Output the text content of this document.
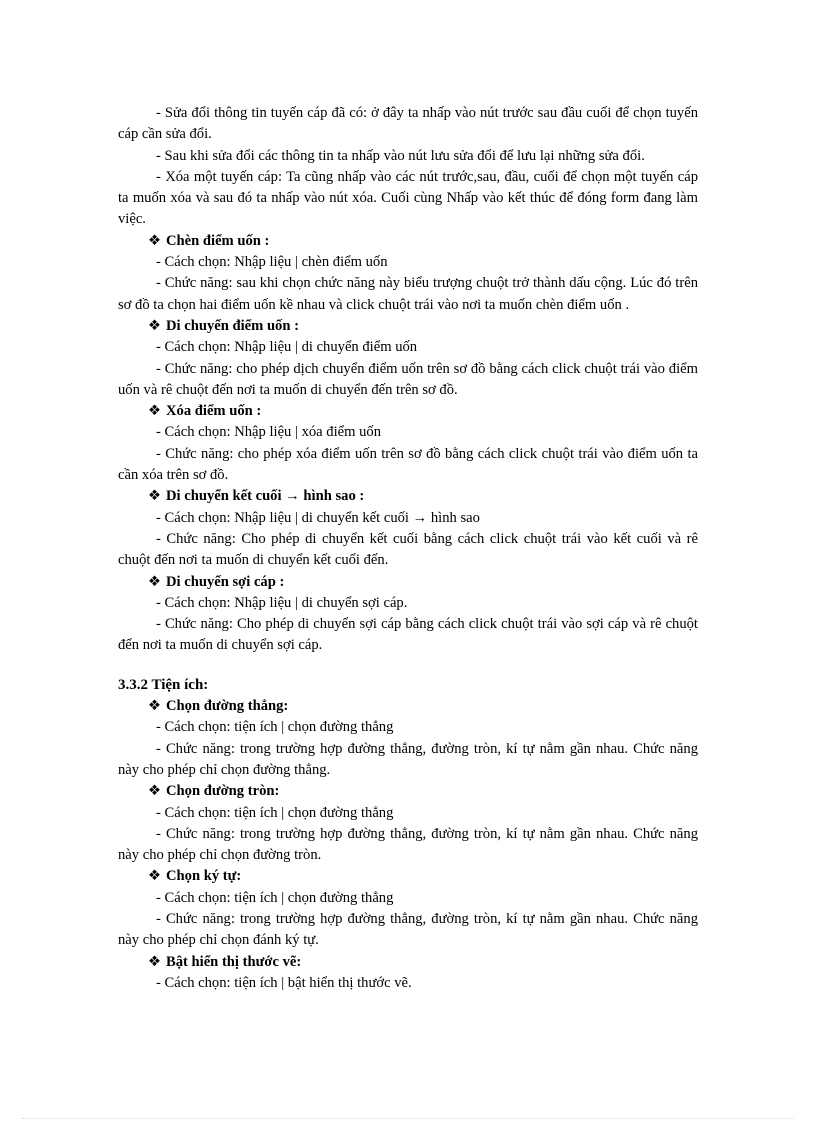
- Sửa đổi thông tin tuyến cáp đã có: ở đây ta nhấp vào nút trước sau đầu cuối để chọn tuyến cáp cần sửa đổi.

- Sau khi sửa đổi các thông tin ta nhấp vào nút lưu sửa đổi để lưu lại những sửa đổi.

- Xóa một tuyến cáp: Ta cũng nhấp vào các nút trước,sau, đầu, cuối để chọn một tuyến cáp ta muốn xóa và sau đó ta nhấp vào nút xóa. Cuối cùng Nhấp vào kết thúc để đóng form đang làm việc.

❖ Chèn điểm uốn :

- Cách chọn: Nhập liệu | chèn điểm uốn

- Chức năng: sau khi chọn chức năng này biểu trượng chuột trở thành dấu cộng. Lúc đó trên sơ đồ ta chọn hai điểm uốn kề nhau và click chuột trái vào nơi ta muốn chèn điểm uốn .

❖ Di chuyển điểm uốn :

- Cách chọn: Nhập liệu | di chuyển điểm uốn

- Chức năng: cho phép dịch chuyển điểm uốn trên sơ đồ bằng cách click chuột trái vào điểm uốn và rê chuột đến nơi ta muốn di chuyển đến trên sơ đồ.

❖ Xóa điểm uốn :

- Cách chọn: Nhập liệu | xóa điểm uốn

- Chức năng: cho phép xóa điểm uốn trên sơ đồ bằng cách click chuột trái vào điểm uốn ta cần xóa trên sơ đồ.

❖ Di chuyển kết cuối → hình sao :

- Cách chọn: Nhập liệu | di chuyển kết cuối → hình sao

- Chức năng: Cho phép di chuyển kết cuối bằng cách click chuột trái vào kết cuối và rê chuột đến nơi ta muốn di chuyển kết cuối đến.

❖ Di chuyển sợi cáp :

- Cách chọn: Nhập liệu | di chuyển sợi cáp.

- Chức năng: Cho phép di chuyển sợi cáp bằng cách click chuột trái vào sợi cáp và rê chuột đến nơi ta muốn di chuyển sợi cáp.

3.3.2 Tiện ích:

❖ Chọn đường thẳng:

- Cách chọn: tiện ích | chọn đường thẳng

- Chức năng: trong trường hợp đường thẳng, đường tròn, kí tự nằm gần nhau. Chức năng này cho phép chỉ chọn đường thẳng.

❖ Chọn đường tròn:

- Cách chọn: tiện ích | chọn đường thẳng

- Chức năng: trong trường hợp đường thẳng, đường tròn, kí tự nằm gần nhau. Chức năng này cho phép chỉ chọn đường tròn.

❖ Chọn ký tự:

- Cách chọn: tiện ích | chọn đường thẳng

- Chức năng: trong trường hợp đường thẳng, đường tròn, kí tự nằm gần nhau. Chức năng này cho phép chỉ chọn đánh ký tự.

❖ Bật hiển thị thước vẽ:

- Cách chọn: tiện ích | bật hiển thị thước vẽ.
